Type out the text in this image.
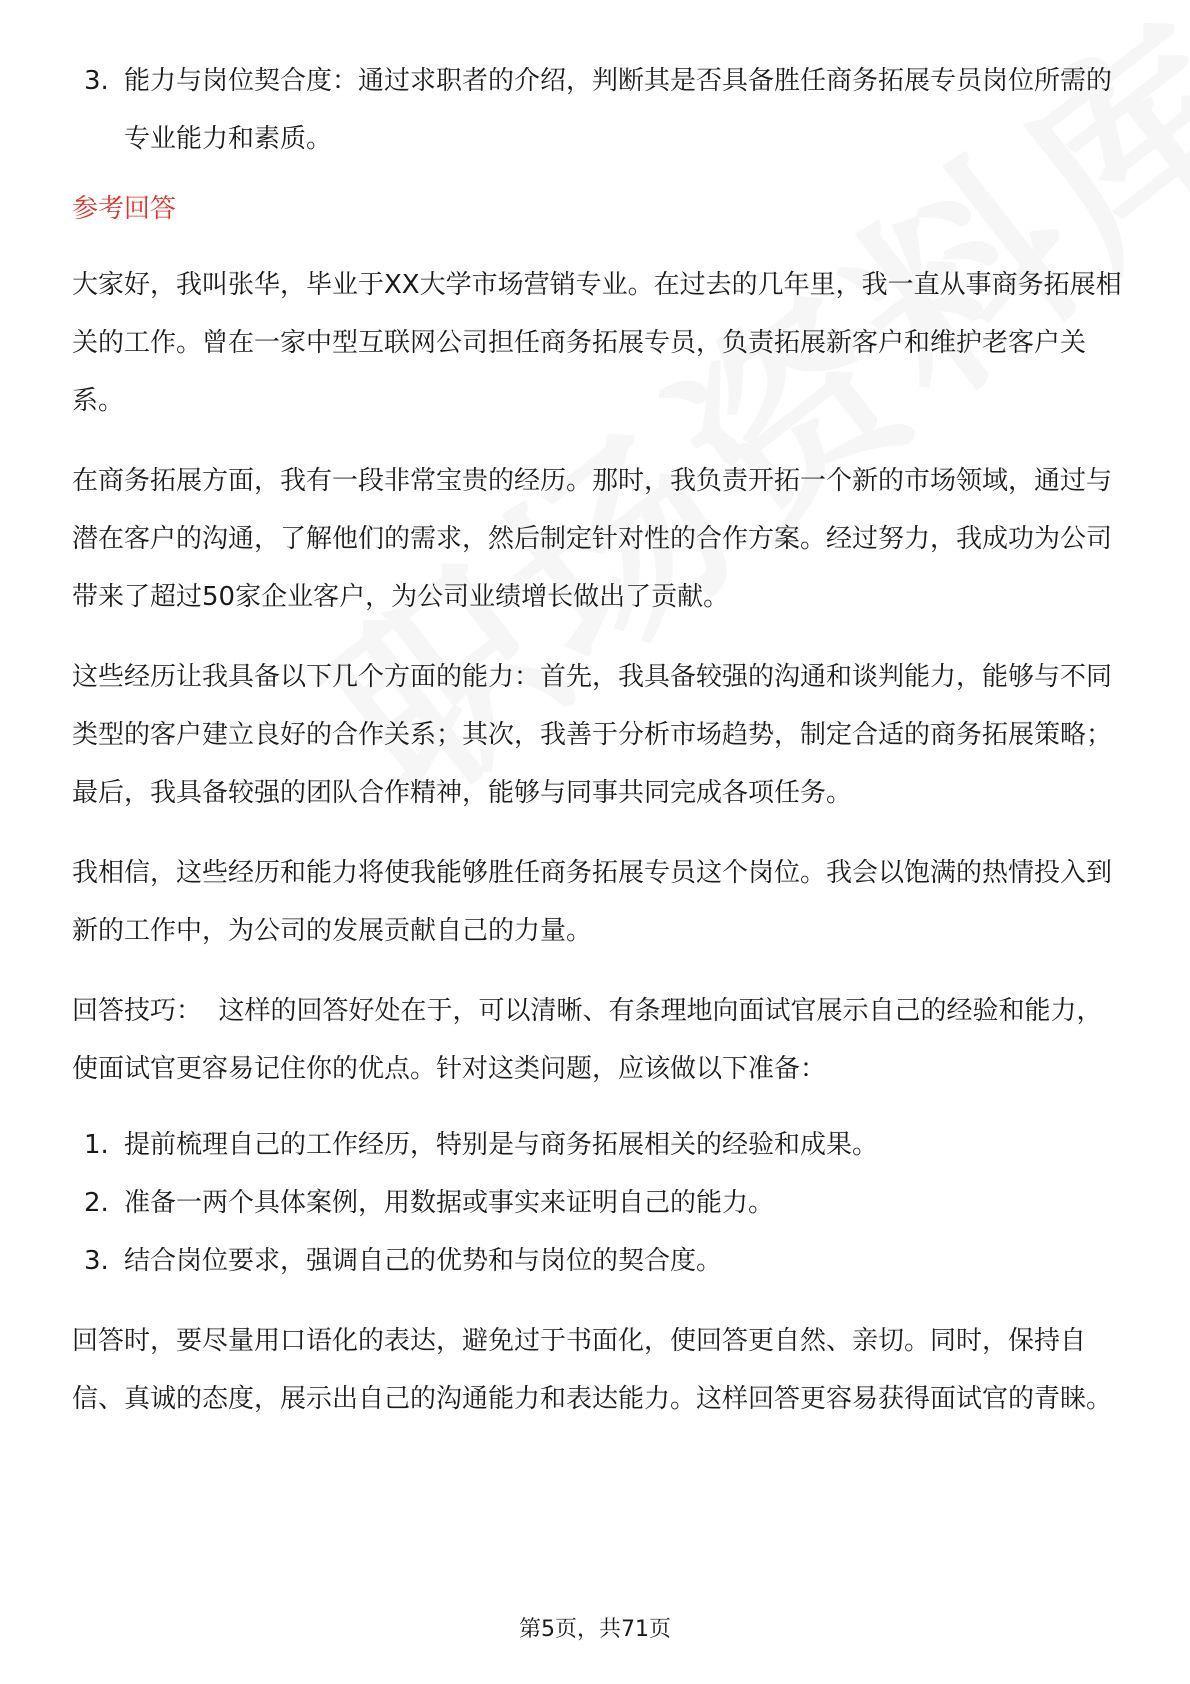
3. 能力与岗位契合度：通过求职者的介绍，判断其是否具备胜任商务拓展专员岗位所需的专业能力和素质。
参考回答

大家好，我叫张华，毕业于XX大学市场营销专业。在过去的几年里，我一直从事商务拓展相关的工作。曾在一家中型互联网公司担任商务拓展专员，负责拓展新客户和维护老客户关系。

在商务拓展方面，我有一段非常宝贵的经历。那时，我负责开拓一个新的市场领域，通过与潜在客户的沟通，了解他们的需求，然后制定针对性的合作方案。经过努力，我成功为公司带来了超过50家企业客户，为公司业绩增长做出了贡献。

这些经历让我具备以下几个方面的能力：首先，我具备较强的沟通和谈判能力，能够与不同类型的客户建立良好的合作关系；其次，我善于分析市场趋势，制定合适的商务拓展策略；最后，我具备较强的团队合作精神，能够与同事共同完成各项任务。

我相信，这些经历和能力将使我能够胜任商务拓展专员这个岗位。我会以饱满的热情投入到新的工作中，为公司的发展贡献自己的力量。

回答技巧：  这样的回答好处在于，可以清晰、有条理地向面试官展示自己的经验和能力，使面试官更容易记住你的优点。针对这类问题，应该做以下准备：

1. 提前梳理自己的工作经历，特别是与商务拓展相关的经验和成果。
2. 准备一两个具体案例，用数据或事实来证明自己的能力。
3. 结合岗位要求，强调自己的优势和与岗位的契合度。

回答时，要尽量用口语化的表达，避免过于书面化，使回答更自然、亲切。同时，保持自信、真诚的态度，展示出自己的沟通能力和表达能力。这样回答更容易获得面试官的青睐。

第5页，共71页
